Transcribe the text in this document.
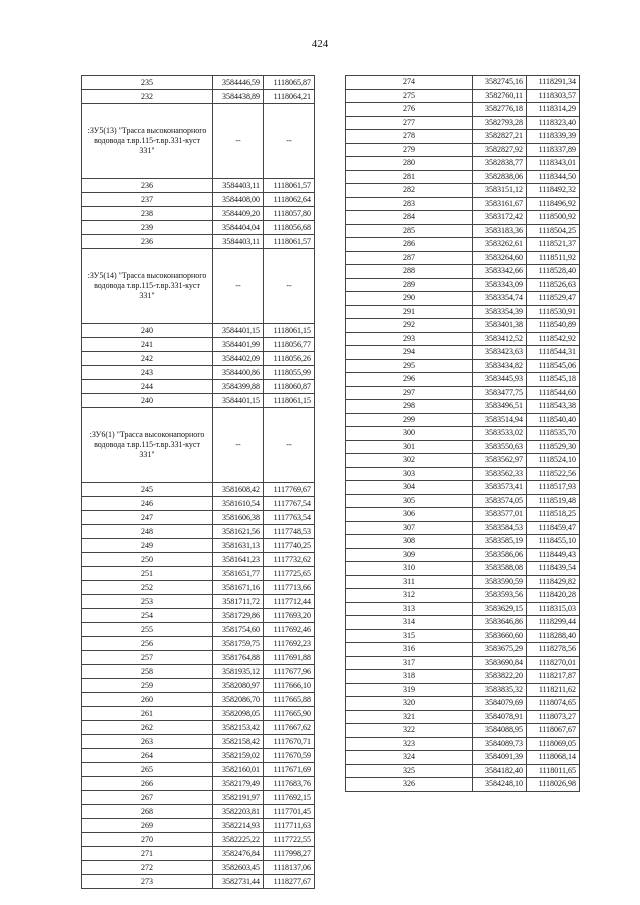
424
235	3584446,59	1118065,87
232	3584438,89	1118064,21
:ЗУ5(13) "Трасса высоконапорного водовода т.вр.115-т.вр.331-куст 331"	--	--
236	3584403,11	1118061,57
237	3584408,00	1118062,64
238	3584409,20	1118057,80
239	3584404,04	1118056,68
236	3584403,11	1118061,57
:ЗУ5(14) "Трасса высоконапорного водовода т.вр.115-т.вр.331-куст 331"	--	--
240	3584401,15	1118061,15
241	3584401,99	1118056,77
242	3584402,09	1118056,26
243	3584400,86	1118055,99
244	3584399,88	1118060,87
240	3584401,15	1118061,15
:ЗУ6(1) "Трасса высоконапорного водовода т.вр.115-т.вр.331-куст 331"	--	--
245	3581608,42	1117769,67
246	3581610,54	1117767,54
247	3581606,38	1117763,54
248	3581621,56	1117748,53
249	3581631,13	1117740,25
250	3581641,23	1117732,62
251	3581651,77	1117725,65
252	3581671,16	1117713,66
253	3581711,72	1117712,44
254	3581729,86	1117693,20
255	3581754,60	1117692,46
256	3581759,75	1117692,23
257	3581764,88	1117691,88
258	3581935,12	1117677,96
259	3582080,97	1117666,10
260	3582086,70	1117665,88
261	3582098,05	1117665,90
262	3582153,42	1117667,62
263	3582158,42	1117670,71
264	3582159,02	1117670,59
265	3582160,01	1117671,69
266	3582179,49	1117683,76
267	3582191,97	1117692,15
268	3582203,81	1117701,45
269	3582214,93	1117711,63
270	3582225,22	1117722,55
271	3582476,84	1117998,27
272	3582603,45	1118137,06
273	3582731,44	1118277,67
274	3582745,16	1118291,34
275	3582760,11	1118303,57
276	3582776,18	1118314,29
277	3582793,28	1118323,40
278	3582827,21	1118339,39
279	3582827,92	1118337,89
280	3582838,77	1118343,01
281	3582838,06	1118344,50
282	3583151,12	1118492,32
283	3583161,67	1118496,92
284	3583172,42	1118500,92
285	3583183,36	1118504,25
286	3583262,61	1118521,37
287	3583264,60	1118511,92
288	3583342,66	1118528,40
289	3583343,09	1118526,63
290	3583354,74	1118529,47
291	3583354,39	1118530,91
292	3583401,38	1118540,89
293	3583412,52	1118542,92
294	3583423,63	1118544,31
295	3583434,82	1118545,06
296	3583445,93	1118545,18
297	3583477,75	1118544,60
298	3583496,51	1118543,38
299	3583514,94	1118540,40
300	3583533,02	1118535,70
301	3583550,63	1118529,30
302	3583562,97	1118524,10
303	3583562,33	1118522,56
304	3583573,41	1118517,93
305	3583574,05	1118519,48
306	3583577,01	1118518,25
307	3583584,53	1118459,47
308	3583585,19	1118455,10
309	3583586,06	1118449,43
310	3583588,08	1118439,54
311	3583590,59	1118429,82
312	3583593,56	1118420,28
313	3583629,15	1118315,03
314	3583646,86	1118299,44
315	3583660,60	1118288,40
316	3583675,29	1118278,56
317	3583690,84	1118270,01
318	3583822,20	1118217,87
319	3583835,32	1118211,62
320	3584079,69	1118074,65
321	3584078,91	1118073,27
322	3584088,95	1118067,67
323	3584089,73	1118069,05
324	3584091,39	1118068,14
325	3584182,40	1118011,65
326	3584248,10	1118026,98
